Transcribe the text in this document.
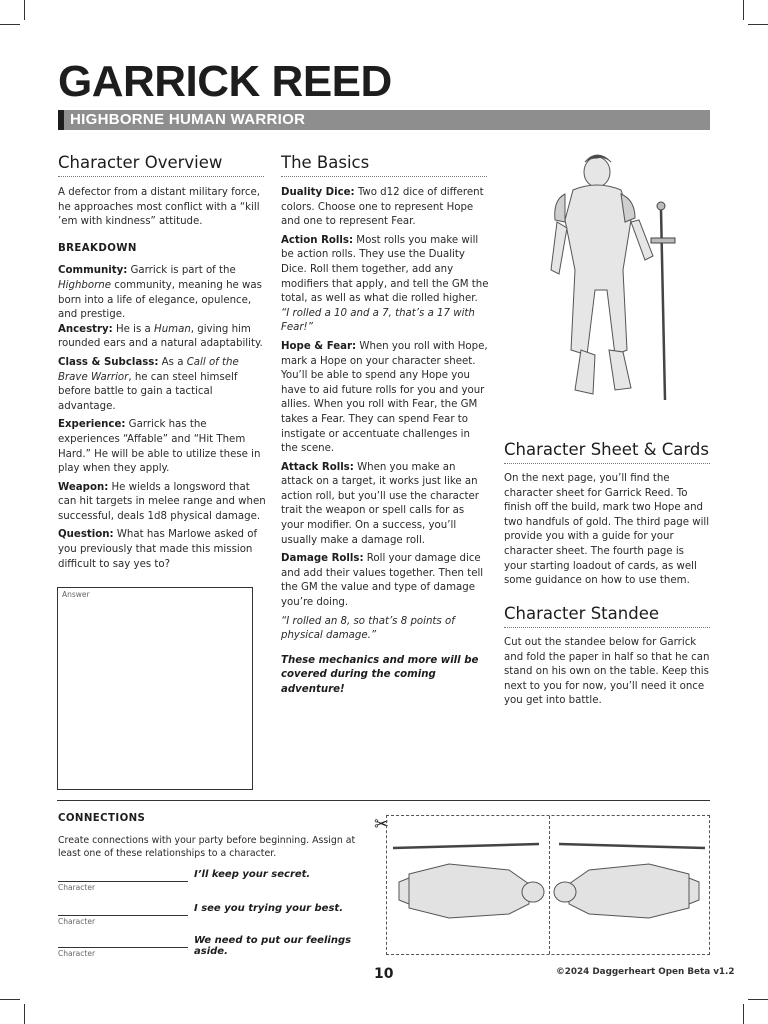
GARRICK REED
HIGHBORNE HUMAN WARRIOR
Character Overview

A defector from a distant military force, he approaches most conflict with a “kill ’em with kindness” attitude.

BREAKDOWN

Community: Garrick is part of the Highborne community, meaning he was born into a life of elegance, opulence, and prestige.

Ancestry: He is a Human, giving him rounded ears and a natural adaptability.

Class & Subclass: As a Call of the Brave Warrior, he can steel himself before battle to gain a tactical advantage.

Experience: Garrick has the experiences “Affable” and “Hit Them Hard.” He will be able to utilize these in play when they apply.

Weapon: He wields a longsword that can hit targets in melee range and when successful, deals 1d8 physical damage.

Question: What has Marlowe asked of you previously that made this mission difficult to say yes to?

Answer
The Basics

Duality Dice: Two d12 dice of different colors. Choose one to represent Hope and one to represent Fear.

Action Rolls: Most rolls you make will be action rolls. They use the Duality Dice. Roll them together, add any modifiers that apply, and tell the GM the total, as well as what die rolled higher.

“I rolled a 10 and a 7, that’s a 17 with Fear!”

Hope & Fear: When you roll with Hope, mark a Hope on your character sheet. You’ll be able to spend any Hope you have to aid future rolls for you and your allies. When you roll with Fear, the GM takes a Fear. They can spend Fear to instigate or accentuate challenges in the scene.

Attack Rolls: When you make an attack on a target, it works just like an action roll, but you’ll use the character trait the weapon or spell calls for as your modifier. On a success, you’ll usually make a damage roll.

Damage Rolls: Roll your damage dice and add their values together. Then tell the GM the value and type of damage you’re doing.

“I rolled an 8, so that’s 8 points of physical damage.”

These mechanics and more will be covered during the coming adventure!

Character Sheet & Cards

On the next page, you’ll find the character sheet for Garrick Reed. To finish off the build, mark two Hope and two handfuls of gold. The third page will provide you with a guide for your character sheet. The fourth page is your starting loadout of cards, as well some guidance on how to use them.

Character Standee

Cut out the standee below for Garrick and fold the paper in half so that he can stand on his own on the table. Keep this next to you for now, you’ll need it once you get into battle.

CONNECTIONS
Create connections with your party before beginning. Assign at least one of these relationships to a character.
Character
I’ll keep your secret.
Character
I see you trying your best.
Character
We need to put our feelings aside.
✂
10	©2024 Daggerheart Open Beta v1.2
